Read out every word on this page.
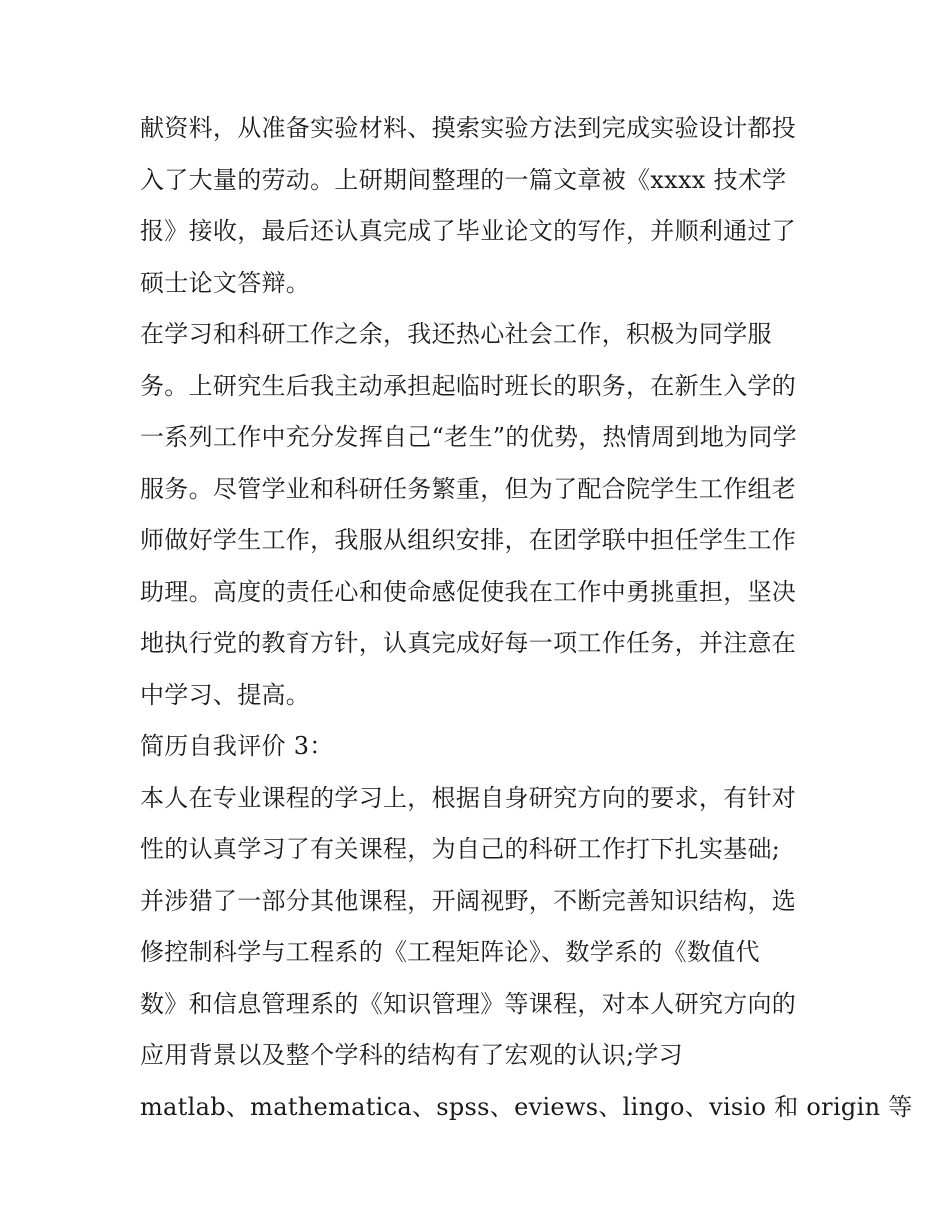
献资料，从准备实验材料、摸索实验方法到完成实验设计都投
入了大量的劳动。上研期间整理的一篇文章被《xxxx 技术学
报》接收，最后还认真完成了毕业论文的写作，并顺利通过了
硕士论文答辩。
在学习和科研工作之余，我还热心社会工作，积极为同学服
务。上研究生后我主动承担起临时班长的职务，在新生入学的
一系列工作中充分发挥自己“老生”的优势，热情周到地为同学
服务。尽管学业和科研任务繁重，但为了配合院学生工作组老
师做好学生工作，我服从组织安排，在团学联中担任学生工作
助理。高度的责任心和使命感促使我在工作中勇挑重担，坚决
地执行党的教育方针，认真完成好每一项工作任务，并注意在
中学习、提高。
简历自我评价 3：
本人在专业课程的学习上，根据自身研究方向的要求，有针对
性的认真学习了有关课程，为自己的科研工作打下扎实基础;
并涉猎了一部分其他课程，开阔视野，不断完善知识结构，选
修控制科学与工程系的《工程矩阵论》、数学系的《数值代
数》和信息管理系的《知识管理》等课程，对本人研究方向的
应用背景以及整个学科的结构有了宏观的认识;学习
matlab、mathematica、spss、eviews、lingo、visio 和 origin 等
